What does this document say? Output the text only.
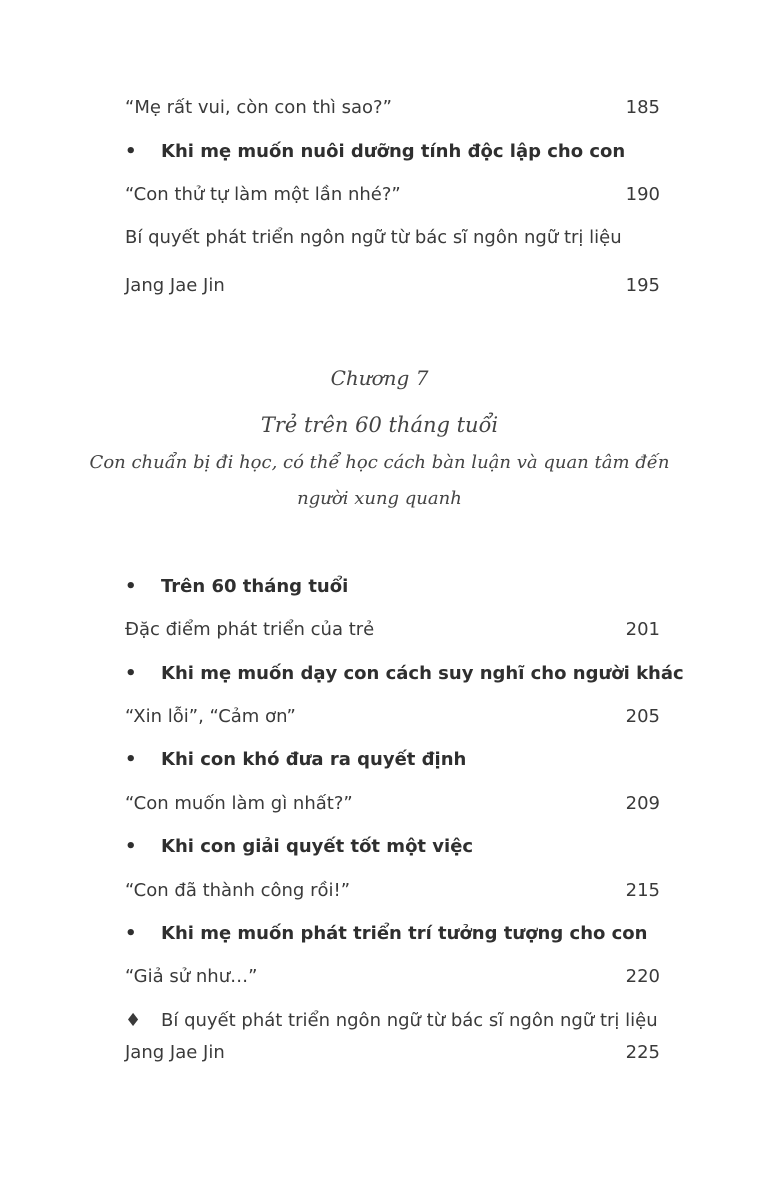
“Mẹ rất vui, còn con thì sao?”	185
• Khi mẹ muốn nuôi dưỡng tính độc lập cho con
“Con thử tự làm một lần nhé?”	190
Bí quyết phát triển ngôn ngữ từ bác sĩ ngôn ngữ trị liệu
Jang Jae Jin	195
Chương 7
Trẻ trên 60 tháng tuổi
Con chuẩn bị đi học, có thể học cách bàn luận và quan tâm đến
người xung quanh
• Trên 60 tháng tuổi
Đặc điểm phát triển của trẻ	201
• Khi mẹ muốn dạy con cách suy nghĩ cho người khác
“Xin lỗi”, “Cảm ơn”	205
• Khi con khó đưa ra quyết định
“Con muốn làm gì nhất?”	209
• Khi con giải quyết tốt một việc
“Con đã thành công rồi!”	215
• Khi mẹ muốn phát triển trí tưởng tượng cho con
“Giả sử như…”	220
♦ Bí quyết phát triển ngôn ngữ từ bác sĩ ngôn ngữ trị liệu
Jang Jae Jin	225
